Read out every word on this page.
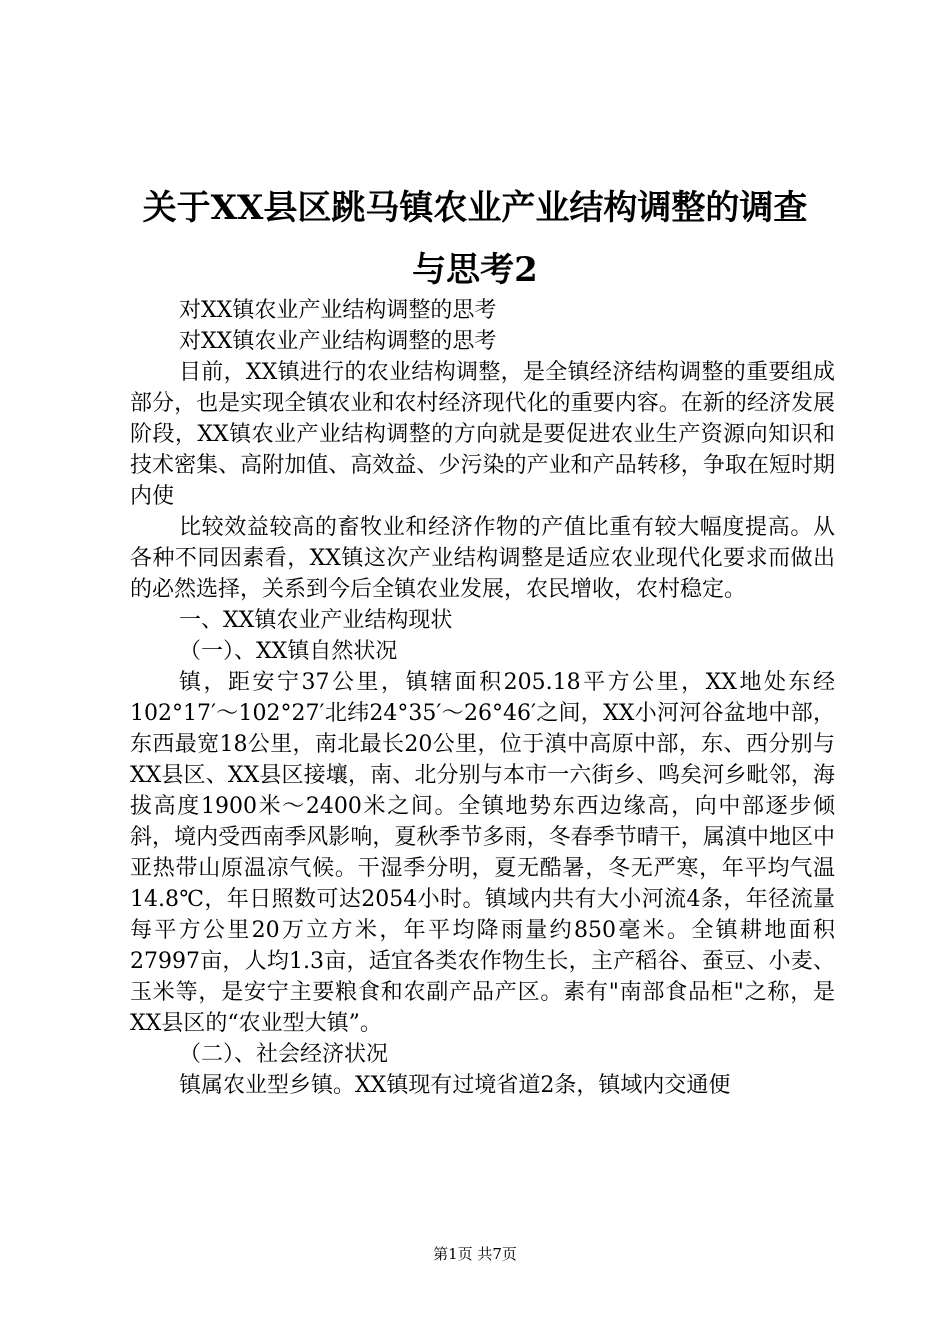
关于XX县区跳马镇农业产业结构调整的调查
与思考2

对XX镇农业产业结构调整的思考

对XX镇农业产业结构调整的思考

目前，XX镇进行的农业结构调整，是全镇经济结构调整的重要组成部分，也是实现全镇农业和农村经济现代化的重要内容。在新的经济发展阶段，XX镇农业产业结构调整的方向就是要促进农业生产资源向知识和技术密集、高附加值、高效益、少污染的产业和产品转移，争取在短时期内使

比较效益较高的畜牧业和经济作物的产值比重有较大幅度提高。从各种不同因素看，XX镇这次产业结构调整是适应农业现代化要求而做出的必然选择，关系到今后全镇农业发展，农民增收，农村稳定。

一、XX镇农业产业结构现状

（一）、XX镇自然状况

镇，距安宁37公里，镇辖面积205.18平方公里，XX地处东经102°17′～102°27′北纬24°35′～26°46′之间，XX小河河谷盆地中部，东西最宽18公里，南北最长20公里，位于滇中高原中部，东、西分别与XX县区、XX县区接壤，南、北分别与本市一六街乡、鸣矣河乡毗邻，海拔高度1900米～2400米之间。全镇地势东西边缘高，向中部逐步倾斜，境内受西南季风影响，夏秋季节多雨，冬春季节晴干，属滇中地区中亚热带山原温凉气候。干湿季分明，夏无酷暑，冬无严寒，年平均气温14.8℃，年日照数可达2054小时。镇域内共有大小河流4条，年径流量每平方公里20万立方米，年平均降雨量约850毫米。全镇耕地面积27997亩，人均1.3亩，适宜各类农作物生长，主产稻谷、蚕豆、小麦、玉米等，是安宁主要粮食和农副产品产区。素有"南部食品柜"之称，是XX县区的“农业型大镇”。

（二）、社会经济状况

镇属农业型乡镇。XX镇现有过境省道2条，镇域内交通便

第1页 共7页
